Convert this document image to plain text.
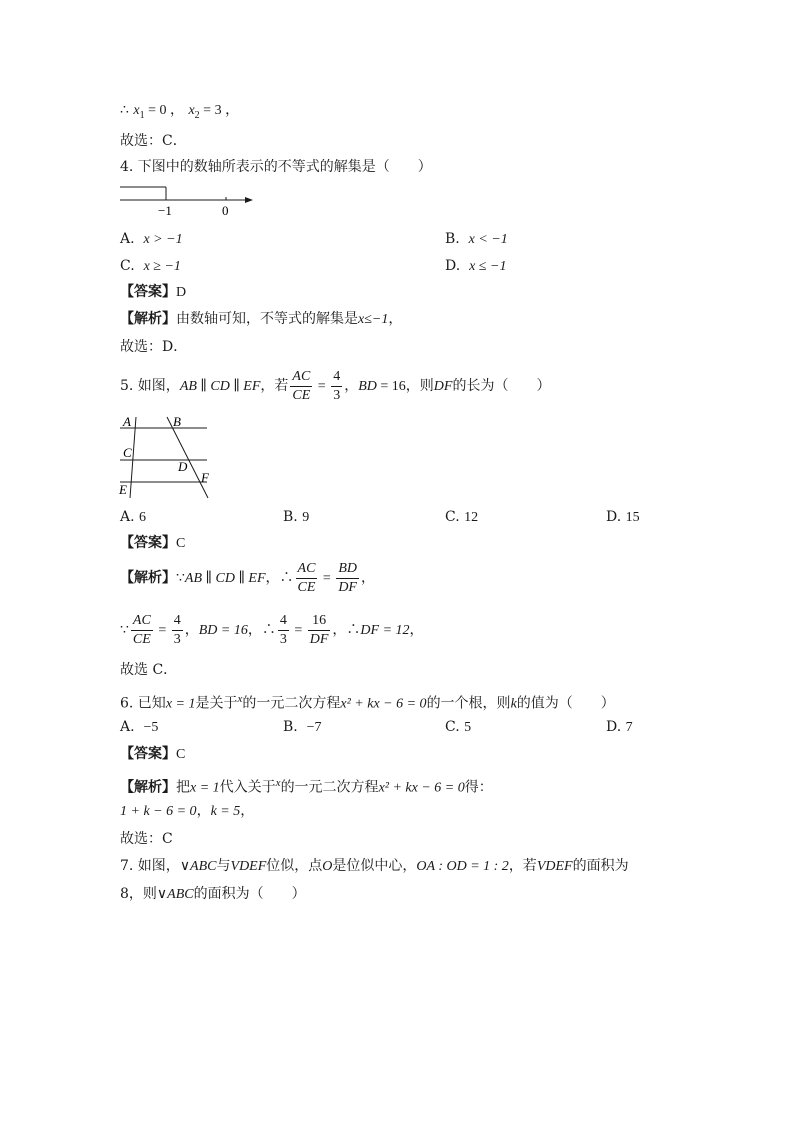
∴ $x_1 = 0$ ， $x_2 = 3$ ，
故选：C．
4. 下图中的数轴所表示的不等式的解集是（　　）
−1	0
A. x > −1	B. x < −1
C. x ≥ −1	D. x ≤ −1
【答案】D
【解析】由数轴可知，不等式的解集是x≤−1，
故选：D．
5. 如图，AB ∥ CD ∥ EF，若 $\frac{AC}{CE} = \frac{4}{3}$ ，BD = 16，则DF的长为（　　）
A	B
C
D
E
F
A. 6	B. 9	C. 12	D. 15
【答案】C
【解析】∵AB ∥ CD ∥ EF，∴ $\frac{AC}{CE} = \frac{BD}{DF}$ ，
∵ $\frac{AC}{CE} = \frac{4}{3}$ ，BD = 16，∴ $\frac{4}{3} = \frac{16}{DF}$ ，∴DF = 12，
故选 C．
6. 已知x = 1是关于$^x$的一元二次方程x² + kx − 6 = 0的一个根，则k的值为（　　）
A. −5	B. −7	C. 5	D. 7
【答案】C
【解析】把x = 1代入关于$^x$的一元二次方程x² + kx − 6 = 0得：
1 + k − 6 = 0，k = 5，
故选：C
7. 如图，∨ABC与VDEF位似，点O是位似中心，OA : OD = 1 : 2，若VDEF的面积为
8，则∨ABC的面积为（　　）
